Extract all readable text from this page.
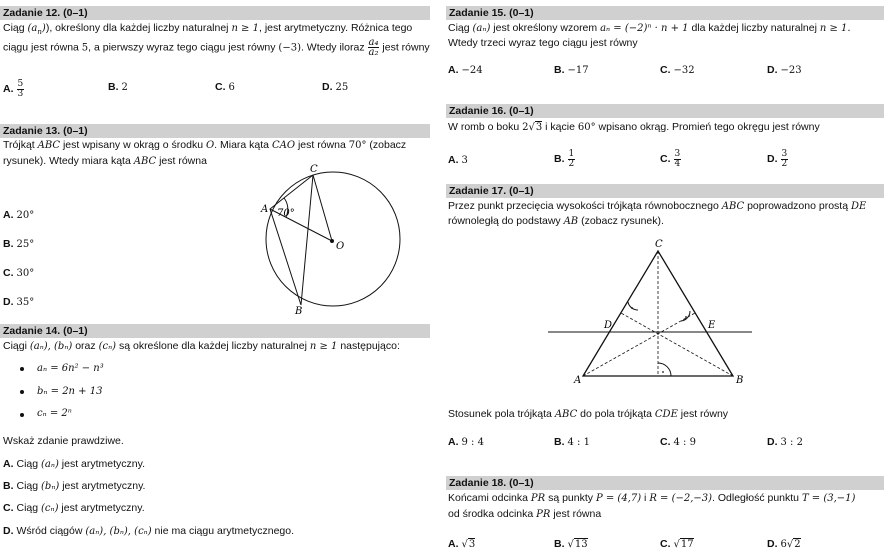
Zadanie 12. (0–1)
Ciąg $(a_n)$), określony dla każdej liczby naturalnej n ≥ 1, jest arytmetyczny. Różnica tego
ciągu jest równa 5, a pierwszy wyraz tego ciągu jest równy (−3). Wtedy iloraz $\frac{\text{a₄}}{\text{a₂}}$ jest równy
A. $\frac{5}{3}$	B. 2	C. 6	D. 25
Zadanie 13. (0–1)
Trójkąt ABC jest wpisany w okrąg o środku O. Miara kąta CAO jest równa 70° (zobacz
rysunek). Wtedy miara kąta ABC jest równa
A. 20°
B. 25°
C. 30°
D. 35°
C
A
B
O
70°
Zadanie 14. (0–1)
Ciągi (aₙ), (bₙ) oraz (cₙ) są określone dla każdej liczby naturalnej n ≥ 1 następująco:
aₙ = 6n² − n³
bₙ = 2n + 13
cₙ = 2ⁿ
Wskaż zdanie prawdziwe.
A. Ciąg (aₙ) jest arytmetyczny.
B. Ciąg (bₙ) jest arytmetyczny.
C. Ciąg (cₙ) jest arytmetyczny.
D. Wśród ciągów (aₙ), (bₙ), (cₙ) nie ma ciągu arytmetycznego.
Zadanie 15. (0–1)
Ciąg (aₙ) jest określony wzorem aₙ = (−2)ⁿ · n + 1 dla każdej liczby naturalnej n ≥ 1.
Wtedy trzeci wyraz tego ciągu jest równy
A. −24	B. −17	C. −32	D. −23
Zadanie 16. (0–1)
W romb o boku 2√3 i kącie 60° wpisano okrąg. Promień tego okręgu jest równy
A. 3	B. $\frac{1}{2}$	C. $\frac{3}{4}$	D. $\frac{3}{2}$
Zadanie 17. (0–1)
Przez punkt przecięcia wysokości trójkąta równobocznego ABC poprowadzono prostą DE
równoległą do podstawy AB (zobacz rysunek).
C
A	B
D	E
Stosunek pola trójkąta ABC do pola trójkąta CDE jest równy
A. 9 : 4	B. 4 : 1	C. 4 : 9	D. 3 : 2
Zadanie 18. (0–1)
Końcami odcinka PR są punkty P = (4,7) i R = (−2,−3). Odległość punktu T = (3,−1)
od środka odcinka PR jest równa
A. √3	B. √13	C. √17	D. 6√2
